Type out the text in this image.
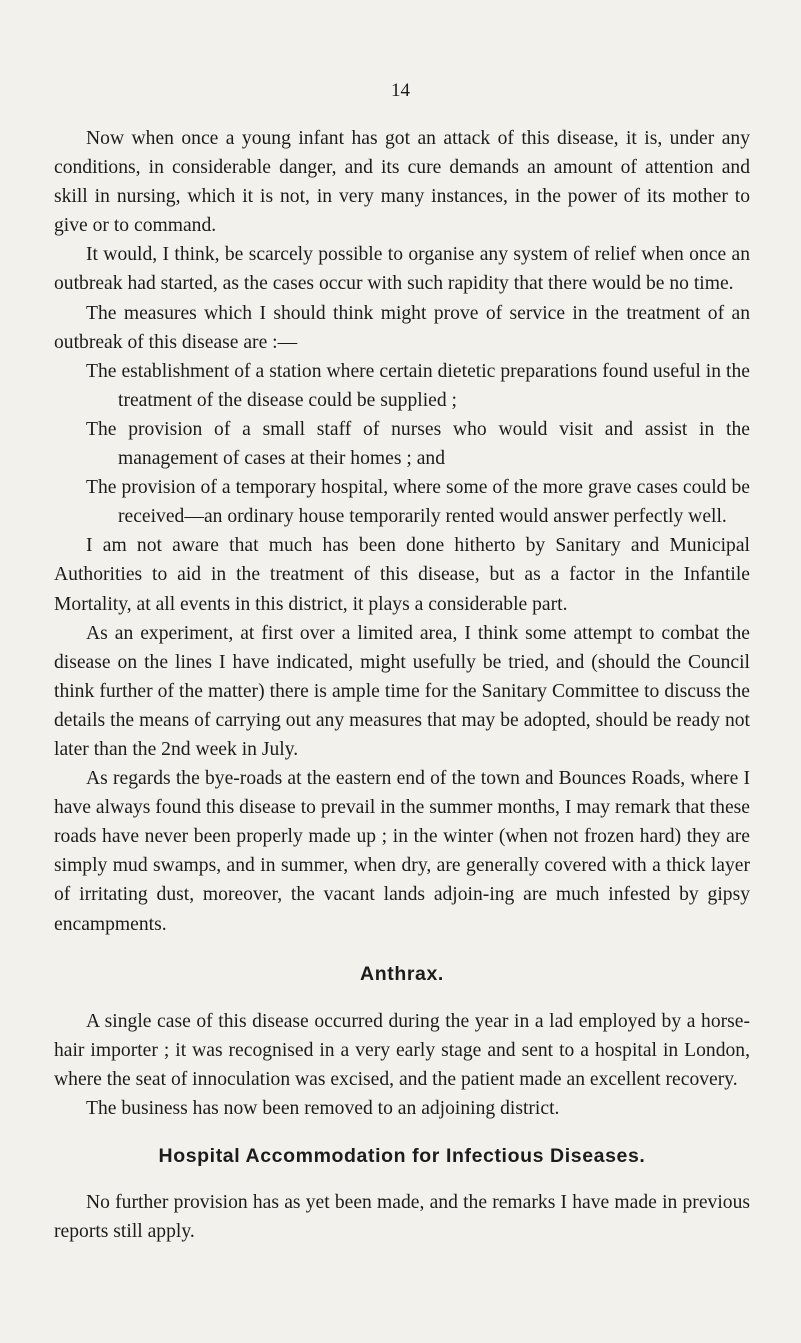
14

Now when once a young infant has got an attack of this disease, it is, under any conditions, in considerable danger, and its cure demands an amount of attention and skill in nursing, which it is not, in very many instances, in the power of its mother to give or to command.

It would, I think, be scarcely possible to organise any system of relief when once an outbreak had started, as the cases occur with such rapidity that there would be no time.

The measures which I should think might prove of service in the treatment of an outbreak of this disease are :—

The establishment of a station where certain dietetic preparations found useful in the treatment of the disease could be supplied ;

The provision of a small staff of nurses who would visit and assist in the management of cases at their homes ; and

The provision of a temporary hospital, where some of the more grave cases could be received—an ordinary house temporarily rented would answer perfectly well.

I am not aware that much has been done hitherto by Sanitary and Municipal Authorities to aid in the treatment of this disease, but as a factor in the Infantile Mortality, at all events in this district, it plays a considerable part.

As an experiment, at first over a limited area, I think some attempt to combat the disease on the lines I have indicated, might usefully be tried, and (should the Council think further of the matter) there is ample time for the Sanitary Committee to discuss the details the means of carrying out any measures that may be adopted, should be ready not later than the 2nd week in July.

As regards the bye-roads at the eastern end of the town and Bounces Roads, where I have always found this disease to prevail in the summer months, I may remark that these roads have never been properly made up ; in the winter (when not frozen hard) they are simply mud swamps, and in summer, when dry, are generally covered with a thick layer of irritating dust, moreover, the vacant lands adjoin-ing are much infested by gipsy encampments.

Anthrax.

A single case of this disease occurred during the year in a lad employed by a horse-hair importer ; it was recognised in a very early stage and sent to a hospital in London, where the seat of innoculation was excised, and the patient made an excellent recovery.

The business has now been removed to an adjoining district.

Hospital Accommodation for Infectious Diseases.

No further provision has as yet been made, and the remarks I have made in previous reports still apply.
